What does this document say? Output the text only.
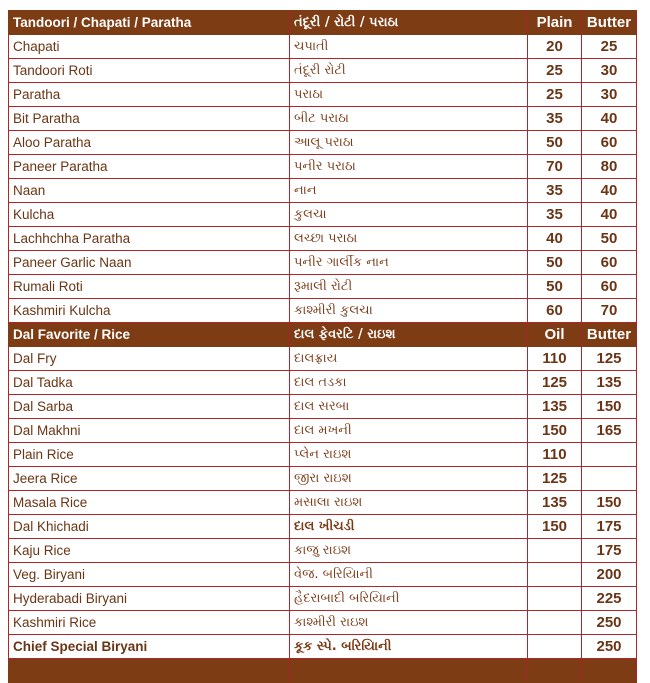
Tandoori / Chapati / Paratha	તંદૂરી / રોટી / પરાઠા	Plain	Butter
Chapati	ચપાતી	20	25
Tandoori Roti	તંદૂરી રોટી	25	30
Paratha	પરાઠા	25	30
Bit Paratha	બીટ પરાઠા	35	40
Aloo Paratha	આલૂ પરાઠા	50	60
Paneer Paratha	પનીર પરાઠા	70	80
Naan	નાન	35	40
Kulcha	કુલચા	35	40
Lachhchha Paratha	લચ્છા પરાઠા	40	50
Paneer Garlic Naan	પનીર ગાર્લીક નાન	50	60
Rumali Roti	રૂમાલી રોટી	50	60
Kashmiri Kulcha	કાશ્મીરી કુલચા	60	70
Dal Favorite / Rice	દાલ ફેવરટિ / રાઇશ	Oil	Butter
Dal Fry	દાલફ્રાય	110	125
Dal Tadka	દાલ તડકા	125	135
Dal Sarba	દાલ સરબા	135	150
Dal Makhni	દાલ મખની	150	165
Plain Rice	પ્લેન રાઇશ	110	
Jeera Rice	જીરા રાઇશ	125	
Masala Rice	મસાલા રાઇશ	135	150
Dal Khichadi	દાલ ખીચડી	150	175
Kaju Rice	કાજુ રાઇશ		175
Veg. Biryani	વેજ. બરિયિાની		200
Hyderabadi Biryani	હૈદરાબાદી બરિયિાની		225
Kashmiri Rice	કાશ્મીરી રાઇશ		250
Chief Special Biryani	કૂક સ્પે. બરિયિાની		250
